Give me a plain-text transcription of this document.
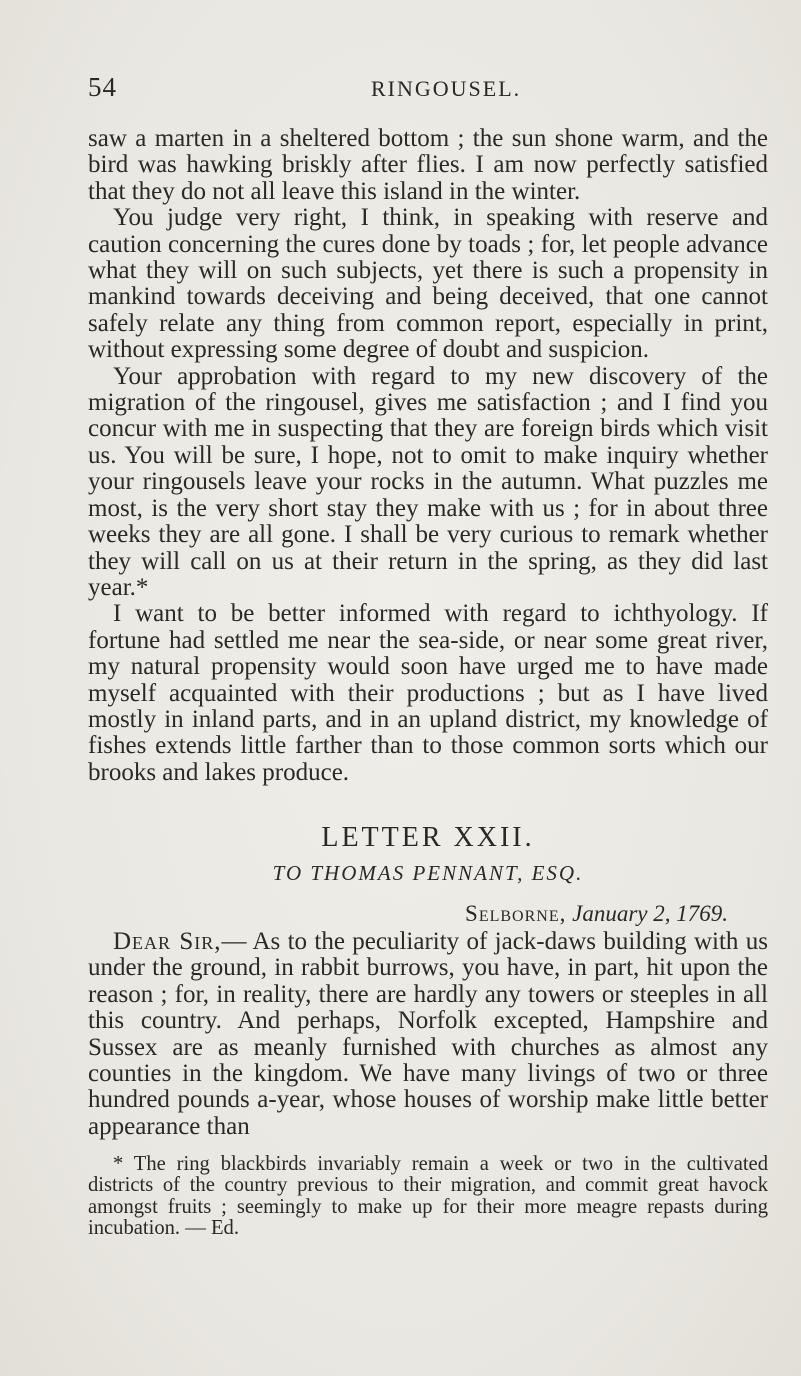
54	RINGOUSEL.

saw a marten in a sheltered bottom ; the sun shone warm, and the bird was hawking briskly after flies. I am now perfectly satisfied that they do not all leave this island in the winter.

You judge very right, I think, in speaking with reserve and caution concerning the cures done by toads ; for, let people advance what they will on such subjects, yet there is such a propensity in mankind towards deceiving and being deceived, that one cannot safely relate any thing from common report, especially in print, without expressing some degree of doubt and suspicion.

Your approbation with regard to my new discovery of the migration of the ringousel, gives me satisfaction ; and I find you concur with me in suspecting that they are foreign birds which visit us. You will be sure, I hope, not to omit to make inquiry whether your ringousels leave your rocks in the autumn. What puzzles me most, is the very short stay they make with us ; for in about three weeks they are all gone. I shall be very curious to remark whether they will call on us at their return in the spring, as they did last year.*

I want to be better informed with regard to ichthyology. If fortune had settled me near the sea-side, or near some great river, my natural propensity would soon have urged me to have made myself acquainted with their productions ; but as I have lived mostly in inland parts, and in an upland district, my knowledge of fishes extends little farther than to those common sorts which our brooks and lakes produce.

LETTER XXII.
TO THOMAS PENNANT, ESQ.
Selborne, January 2, 1769.

Dear Sir,— As to the peculiarity of jack-daws building with us under the ground, in rabbit burrows, you have, in part, hit upon the reason ; for, in reality, there are hardly any towers or steeples in all this country. And perhaps, Norfolk excepted, Hampshire and Sussex are as meanly furnished with churches as almost any counties in the kingdom. We have many livings of two or three hundred pounds a-year, whose houses of worship make little better appearance than

* The ring blackbirds invariably remain a week or two in the cultivated districts of the country previous to their migration, and commit great havock amongst fruits ; seemingly to make up for their more meagre repasts during incubation. — Ed.
